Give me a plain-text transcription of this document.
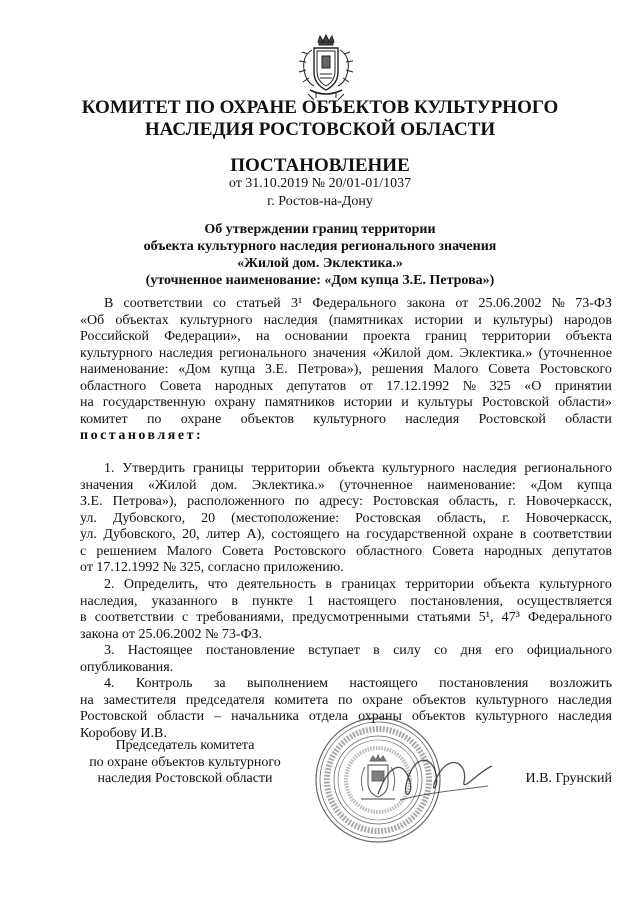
КОМИТЕТ ПО ОХРАНЕ ОБЪЕКТОВ КУЛЬТУРНОГО
НАСЛЕДИЯ РОСТОВСКОЙ ОБЛАСТИ
ПОСТАНОВЛЕНИЕ
от 31.10.2019 № 20/01-01/1037
г. Ростов-на-Дону
Об утверждении границ территории
объекта культурного наследия регионального значения
«Жилой дом. Эклектика.»
(уточненное наименование: «Дом купца З.Е. Петрова»)
В соответствии со статьей 3¹ Федерального закона от 25.06.2002 № 73-ФЗ
«Об объектах культурного наследия (памятниках истории и культуры) народов
Российской Федерации», на основании проекта границ территории объекта
культурного наследия регионального значения «Жилой дом. Эклектика.» (уточненное
наименование: «Дом купца З.Е. Петрова»), решения Малого Совета Ростовского
областного Совета народных депутатов от 17.12.1992 № 325 «О принятии
на государственную охрану памятников истории и культуры Ростовской области»
комитет по охране объектов культурного наследия Ростовской области
постановляет:
1. Утвердить границы территории объекта культурного наследия регионального
значения «Жилой дом. Эклектика.» (уточненное наименование: «Дом купца
З.Е. Петрова»), расположенного по адресу: Ростовская область, г. Новочеркасск,
ул. Дубовского, 20 (местоположение: Ростовская область, г. Новочеркасск,
ул. Дубовского, 20, литер А), состоящего на государственной охране в соответствии
с решением Малого Совета Ростовского областного Совета народных депутатов
от 17.12.1992 № 325, согласно приложению.
2. Определить, что деятельность в границах территории объекта культурного
наследия, указанного в пункте 1 настоящего постановления, осуществляется
в соответствии с требованиями, предусмотренными статьями 5¹, 47³ Федерального
закона от 25.06.2002 № 73-ФЗ.
3. Настоящее постановление вступает в силу со дня его официального
опубликования.
4. Контроль за выполнением настоящего постановления возложить
на заместителя председателя комитета по охране объектов культурного наследия
Ростовской области – начальника отдела охраны объектов культурного наследия
Коробову И.В.
Председатель комитета
по охране объектов культурного
наследия Ростовской области	И.В. Грунский
